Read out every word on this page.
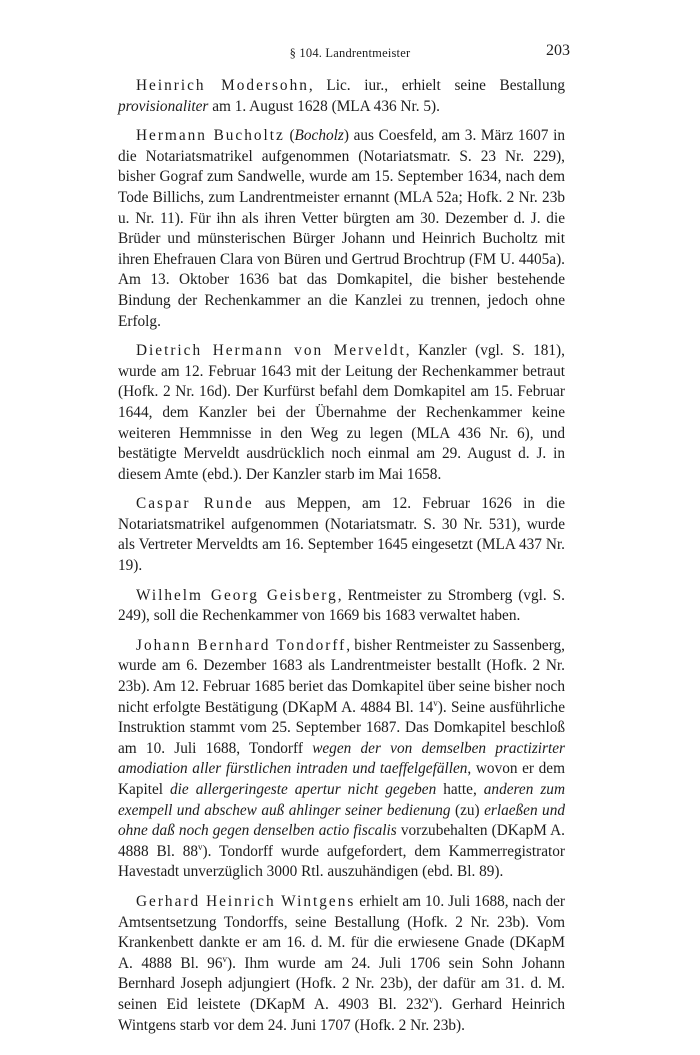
§ 104. Landrentmeister	203

Heinrich Modersohn, Lic. iur., erhielt seine Bestallung provisionaliter am 1. August 1628 (MLA 436 Nr. 5).

Hermann Bucholtz (Bocholz) aus Coesfeld, am 3. März 1607 in die Notariatsmatrikel aufgenommen (Notariatsmatr. S. 23 Nr. 229), bisher Gograf zum Sandwelle, wurde am 15. September 1634, nach dem Tode Billichs, zum Landrentmeister ernannt (MLA 52a; Hofk. 2 Nr. 23b u. Nr. 11). Für ihn als ihren Vetter bürgten am 30. Dezember d. J. die Brüder und münsterischen Bürger Johann und Heinrich Bucholtz mit ihren Ehefrauen Clara von Büren und Gertrud Brochtrup (FM U. 4405a). Am 13. Oktober 1636 bat das Domkapitel, die bisher bestehende Bindung der Rechenkammer an die Kanzlei zu trennen, jedoch ohne Erfolg.

Dietrich Hermann von Merveldt, Kanzler (vgl. S. 181), wurde am 12. Februar 1643 mit der Leitung der Rechenkammer betraut (Hofk. 2 Nr. 16d). Der Kurfürst befahl dem Domkapitel am 15. Februar 1644, dem Kanzler bei der Übernahme der Rechenkammer keine weiteren Hemmnisse in den Weg zu legen (MLA 436 Nr. 6), und bestätigte Merveldt ausdrücklich noch einmal am 29. August d. J. in diesem Amte (ebd.). Der Kanzler starb im Mai 1658.

Caspar Runde aus Meppen, am 12. Februar 1626 in die Notariatsmatrikel aufgenommen (Notariatsmatr. S. 30 Nr. 531), wurde als Vertreter Merveldts am 16. September 1645 eingesetzt (MLA 437 Nr. 19).

Wilhelm Georg Geisberg, Rentmeister zu Stromberg (vgl. S. 249), soll die Rechenkammer von 1669 bis 1683 verwaltet haben.

Johann Bernhard Tondorff, bisher Rentmeister zu Sassenberg, wurde am 6. Dezember 1683 als Landrentmeister bestallt (Hofk. 2 Nr. 23b). Am 12. Februar 1685 beriet das Domkapitel über seine bisher noch nicht erfolgte Bestätigung (DKapM A. 4884 Bl. 14$^v$). Seine ausführliche Instruktion stammt vom 25. September 1687. Das Domkapitel beschloß am 10. Juli 1688, Tondorff wegen der von demselben practizirter amodiation aller fürstlichen intraden und taeffelgefällen, wovon er dem Kapitel die allergeringeste apertur nicht gegeben hatte, anderen zum exempell und abschew auß ahlinger seiner bedienung (zu) erlaeßen und ohne daß noch gegen denselben actio fiscalis vorzubehalten (DKapM A. 4888 Bl. 88$^v$). Tondorff wurde aufgefordert, dem Kammerregistrator Havestadt unverzüglich 3000 Rtl. auszuhändigen (ebd. Bl. 89).

Gerhard Heinrich Wintgens erhielt am 10. Juli 1688, nach der Amtsentsetzung Tondorffs, seine Bestallung (Hofk. 2 Nr. 23b). Vom Krankenbett dankte er am 16. d. M. für die erwiesene Gnade (DKapM A. 4888 Bl. 96$^v$). Ihm wurde am 24. Juli 1706 sein Sohn Johann Bernhard Joseph adjungiert (Hofk. 2 Nr. 23b), der dafür am 31. d. M. seinen Eid leistete (DKapM A. 4903 Bl. 232$^v$). Gerhard Heinrich Wintgens starb vor dem 24. Juni 1707 (Hofk. 2 Nr. 23b).
